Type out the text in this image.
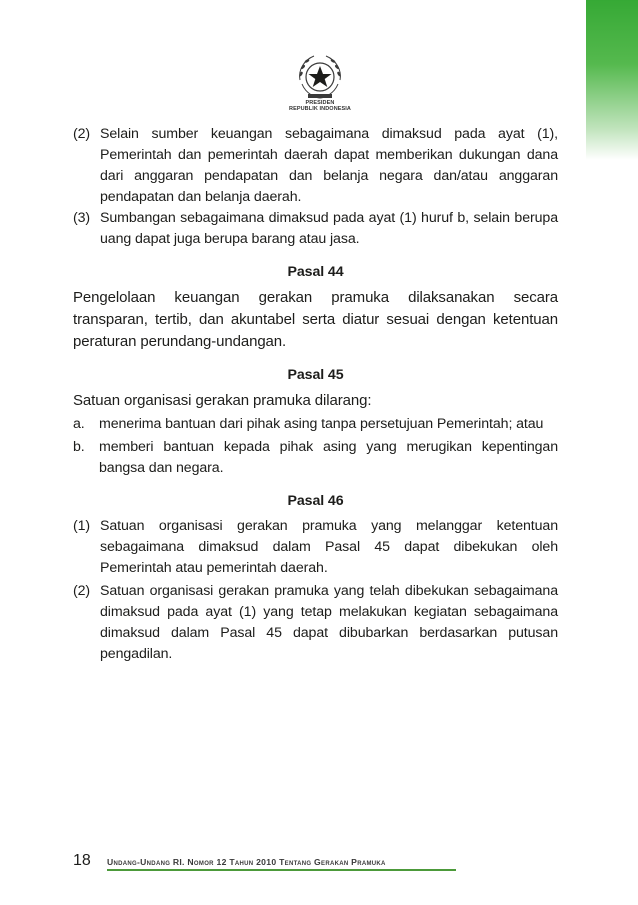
PRESIDEN
REPUBLIK INDONESIA
(2) Selain sumber keuangan sebagaimana dimaksud pada ayat (1), Pemerintah dan pemerintah daerah dapat memberikan dukungan dana dari anggaran pendapatan dan belanja negara dan/atau anggaran pendapatan dan belanja daerah.
(3) Sumbangan sebagaimana dimaksud pada ayat (1) huruf b, selain berupa uang dapat juga berupa barang atau jasa.
Pasal 44
Pengelolaan keuangan gerakan pramuka dilaksanakan secara transparan, tertib, dan akuntabel serta diatur sesuai dengan ketentuan peraturan perundang-undangan.
Pasal 45
Satuan organisasi gerakan pramuka dilarang:
a.	menerima bantuan dari pihak asing tanpa persetujuan Pemerintah; atau
b.	memberi bantuan kepada pihak asing yang merugikan kepentingan bangsa dan negara.
Pasal 46
(1) Satuan organisasi gerakan pramuka yang melanggar ketentuan sebagaimana dimaksud dalam Pasal 45 dapat dibekukan oleh Pemerintah atau pemerintah daerah.
(2) Satuan organisasi gerakan pramuka yang telah dibekukan sebagaimana dimaksud pada ayat (1) yang tetap melakukan kegiatan sebagaimana dimaksud dalam Pasal 45 dapat dibubarkan berdasarkan putusan pengadilan.
18 Undang-Undang RI. Nomor 12 Tahun 2010 Tentang Gerakan Pramuka
